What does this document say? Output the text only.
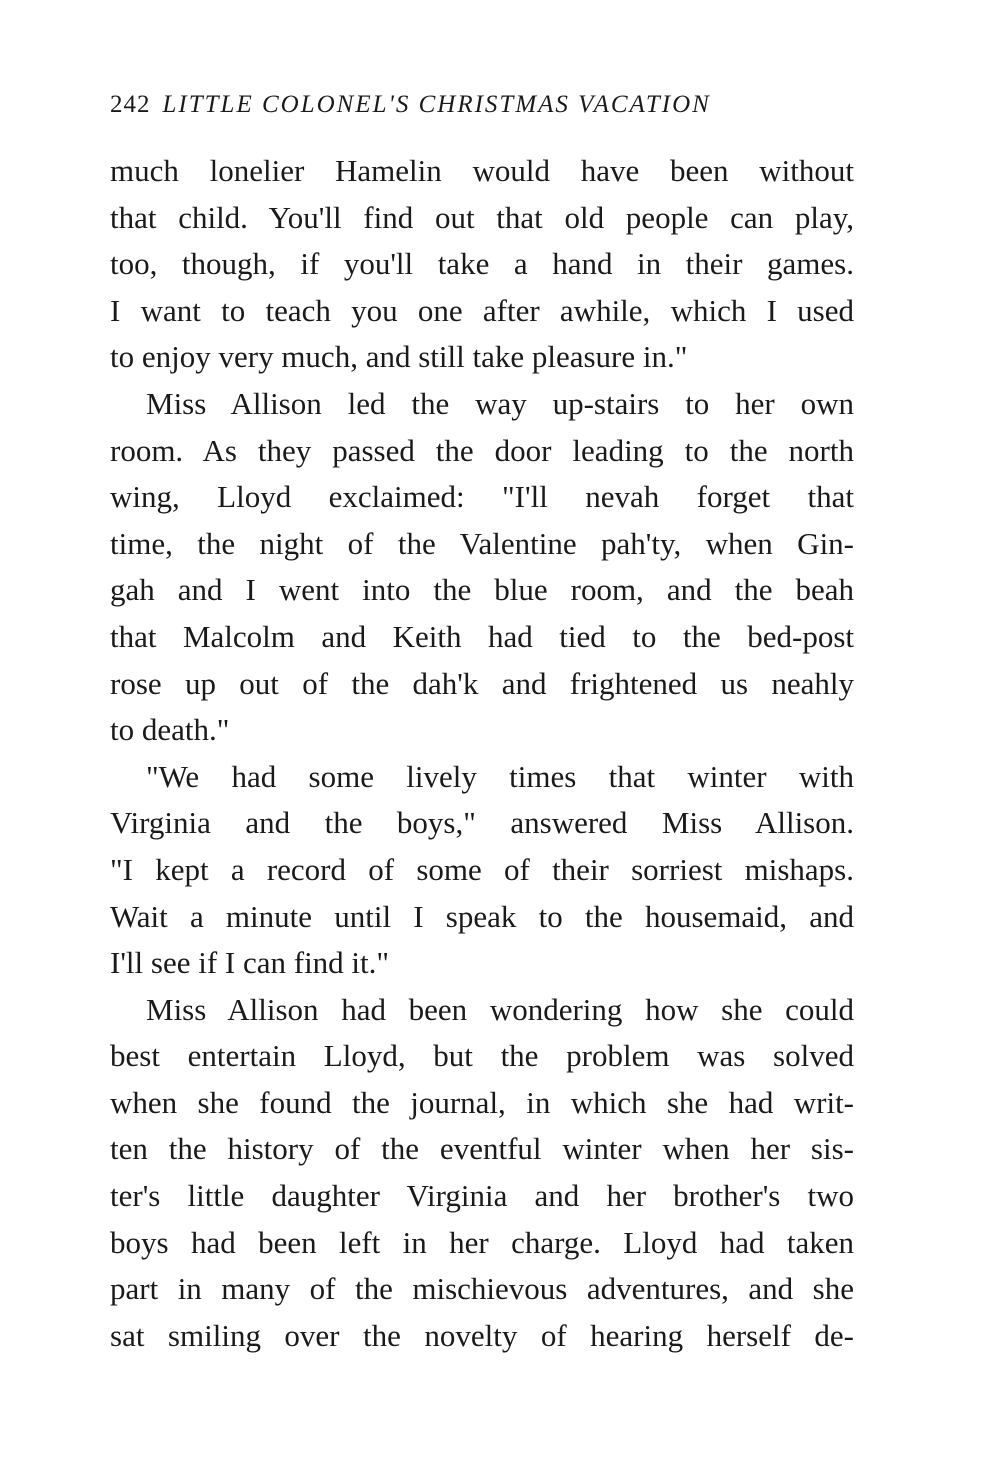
242 LITTLE COLONEL'S CHRISTMAS VACATION
much lonelier Hamelin would have been without
that child. You'll find out that old people can play,
too, though, if you'll take a hand in their games.
I want to teach you one after awhile, which I used
to enjoy very much, and still take pleasure in."
Miss Allison led the way up-stairs to her own
room. As they passed the door leading to the north
wing, Lloyd exclaimed: "I'll nevah forget that
time, the night of the Valentine pah'ty, when Gin-
gah and I went into the blue room, and the beah
that Malcolm and Keith had tied to the bed-post
rose up out of the dah'k and frightened us neahly
to death."
"We had some lively times that winter with
Virginia and the boys," answered Miss Allison.
"I kept a record of some of their sorriest mishaps.
Wait a minute until I speak to the housemaid, and
I'll see if I can find it."
Miss Allison had been wondering how she could
best entertain Lloyd, but the problem was solved
when she found the journal, in which she had writ-
ten the history of the eventful winter when her sis-
ter's little daughter Virginia and her brother's two
boys had been left in her charge. Lloyd had taken
part in many of the mischievous adventures, and she
sat smiling over the novelty of hearing herself de-
